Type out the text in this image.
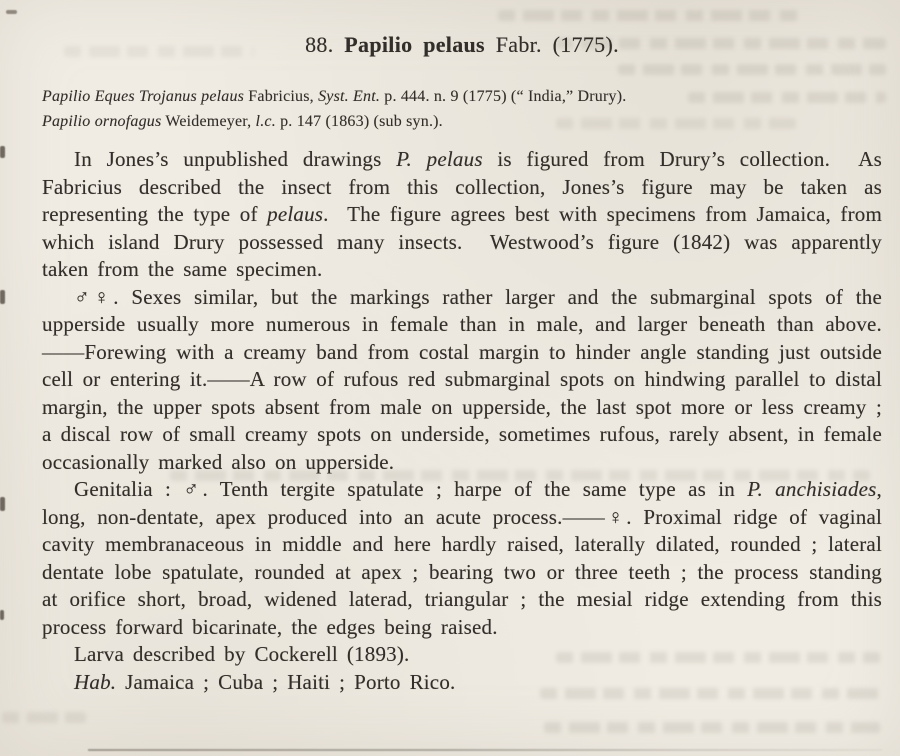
88. Papilio pelaus Fabr. (1775).

Papilio Eques Trojanus pelaus Fabricius, Syst. Ent. p. 444. n. 9 (1775) (“ India,” Drury).

Papilio ornofagus Weidemeyer, l.c. p. 147 (1863) (sub syn.).

In Jones’s unpublished drawings P. pelaus is figured from Drury’s collection.  As Fabricius described the insect from this collection, Jones’s figure may be taken as representing the type of pelaus.  The figure agrees best with specimens from Jamaica, from which island Drury possessed many insects.  Westwood’s figure (1842) was apparently taken from the same specimen.

♂♀. Sexes similar, but the markings rather larger and the submarginal spots of the upperside usually more numerous in female than in male, and larger beneath than above.——Forewing with a creamy band from costal margin to hinder angle standing just outside cell or entering it.——A row of rufous red submarginal spots on hindwing parallel to distal margin, the upper spots absent from male on upperside, the last spot more or less creamy ; a discal row of small creamy spots on underside, sometimes rufous, rarely absent, in female occasionally marked also on upperside.

Genitalia : ♂. Tenth tergite spatulate ; harpe of the same type as in P. anchisiades, long, non-dentate, apex produced into an acute process.——♀. Proximal ridge of vaginal cavity membranaceous in middle and here hardly raised, laterally dilated, rounded ; lateral dentate lobe spatulate, rounded at apex ; bearing two or three teeth ; the process standing at orifice short, broad, widened laterad, triangular ; the mesial ridge extending from this process forward bicarinate, the edges being raised.

Larva described by Cockerell (1893).

Hab. Jamaica ; Cuba ; Haiti ; Porto Rico.
